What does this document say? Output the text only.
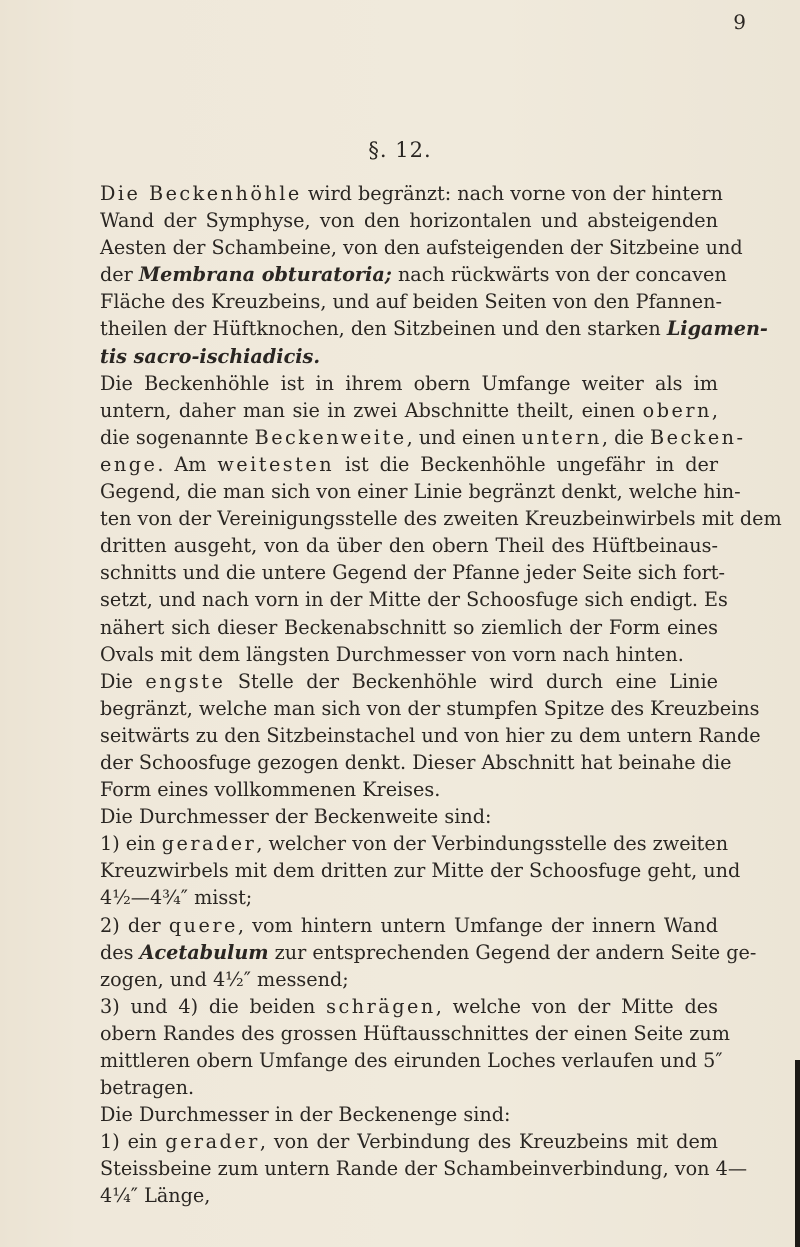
9
§. 12.
Die Beckenhöhle wird begränzt: nach vorne von der hintern
Wand der Symphyse, von den horizontalen und absteigenden
Aesten der Schambeine, von den aufsteigenden der Sitzbeine und
der Membrana obturatoria; nach rückwärts von der concaven
Fläche des Kreuzbeins, und auf beiden Seiten von den Pfannen-
theilen der Hüftknochen, den Sitzbeinen und den starken Ligamen-
tis sacro-ischiadicis.
Die Beckenhöhle ist in ihrem obern Umfange weiter als im
untern, daher man sie in zwei Abschnitte theilt, einen obern,
die sogenannte Beckenweite, und einen untern, die Becken-
enge. Am weitesten ist die Beckenhöhle ungefähr in der
Gegend, die man sich von einer Linie begränzt denkt, welche hin-
ten von der Vereinigungsstelle des zweiten Kreuzbeinwirbels mit dem
dritten ausgeht, von da über den obern Theil des Hüftbeinaus-
schnitts und die untere Gegend der Pfanne jeder Seite sich fort-
setzt, und nach vorn in der Mitte der Schoosfuge sich endigt. Es
nähert sich dieser Beckenabschnitt so ziemlich der Form eines
Ovals mit dem längsten Durchmesser von vorn nach hinten.
Die engste Stelle der Beckenhöhle wird durch eine Linie
begränzt, welche man sich von der stumpfen Spitze des Kreuzbeins
seitwärts zu den Sitzbeinstachel und von hier zu dem untern Rande
der Schoosfuge gezogen denkt. Dieser Abschnitt hat beinahe die
Form eines vollkommenen Kreises.
Die Durchmesser der Beckenweite sind:
1) ein gerader, welcher von der Verbindungsstelle des zweiten
Kreuzwirbels mit dem dritten zur Mitte der Schoosfuge geht, und
4½—4¾″ misst;
2) der quere, vom hintern untern Umfange der innern Wand
des Acetabulum zur entsprechenden Gegend der andern Seite ge-
zogen, und 4½″ messend;
3) und 4) die beiden schrägen, welche von der Mitte des
obern Randes des grossen Hüftausschnittes der einen Seite zum
mittleren obern Umfange des eirunden Loches verlaufen und 5″
betragen.
Die Durchmesser in der Beckenenge sind:
1) ein gerader, von der Verbindung des Kreuzbeins mit dem
Steissbeine zum untern Rande der Schambeinverbindung, von 4—
4¼″ Länge,
